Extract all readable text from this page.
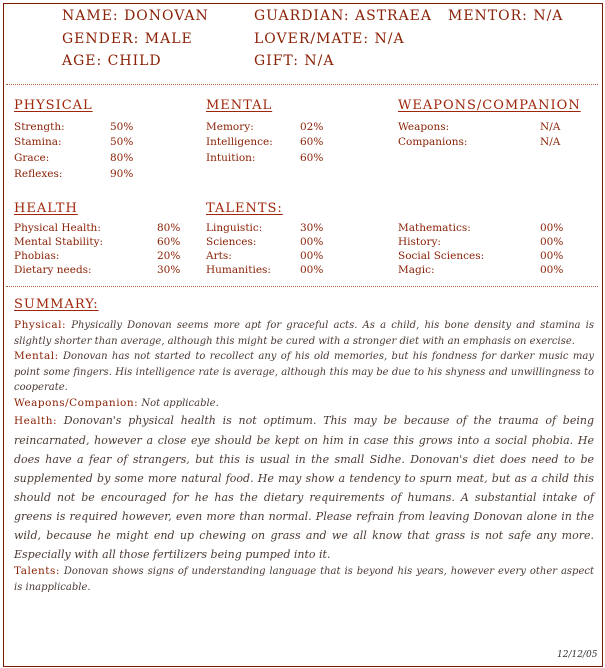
NAME: DONOVAN
GENDER: MALE
AGE: CHILD
GUARDIAN: ASTRAEA
LOVER/MATE: N/A
GIFT: N/A
MENTOR: N/A
PHYSICAL
Strength:	50%
Stamina:	50%
Grace:	80%
Reflexes:	90%
MENTAL
Memory:	02%
Intelligence:	60%
Intuition:	60%
WEAPONS/COMPANION
Weapons:	N/A
Companions:	N/A
HEALTH
Physical Health:	80%
Mental Stability:	60%
Phobias:	20%
Dietary needs:	30%
TALENTS:
Linguistic:	30%
Sciences:	00%
Arts:	00%
Humanities:	00%
Mathematics:	00%
History:	00%
Social Sciences:	00%
Magic:	00%
SUMMARY:

Physical: Physically Donovan seems more apt for graceful acts. As a child, his bone density and stamina is slightly shorter than average, although this might be cured with a stronger diet with an emphasis on exercise.

Mental: Donovan has not started to recollect any of his old memories, but his fondness for darker music may point some fingers. His intelligence rate is average, although this may be due to his shyness and unwillingness to cooperate.

Weapons/Companion: Not applicable.

Health: Donovan's physical health is not optimum. This may be because of the trauma of being reincarnated, however a close eye should be kept on him in case this grows into a social phobia. He does have a fear of strangers, but this is usual in the small Sidhe. Donovan's diet does need to be supplemented by some more natural food. He may show a tendency to spurn meat, but as a child this should not be encouraged for he has the dietary requirements of humans. A substantial intake of greens is required however, even more than normal. Please refrain from leaving Donovan alone in the wild, because he might end up chewing on grass and we all know that grass is not safe any more. Especially with all those fertilizers being pumped into it.

Talents: Donovan shows signs of understanding language that is beyond his years, however every other aspect is inapplicable.

12/12/05
